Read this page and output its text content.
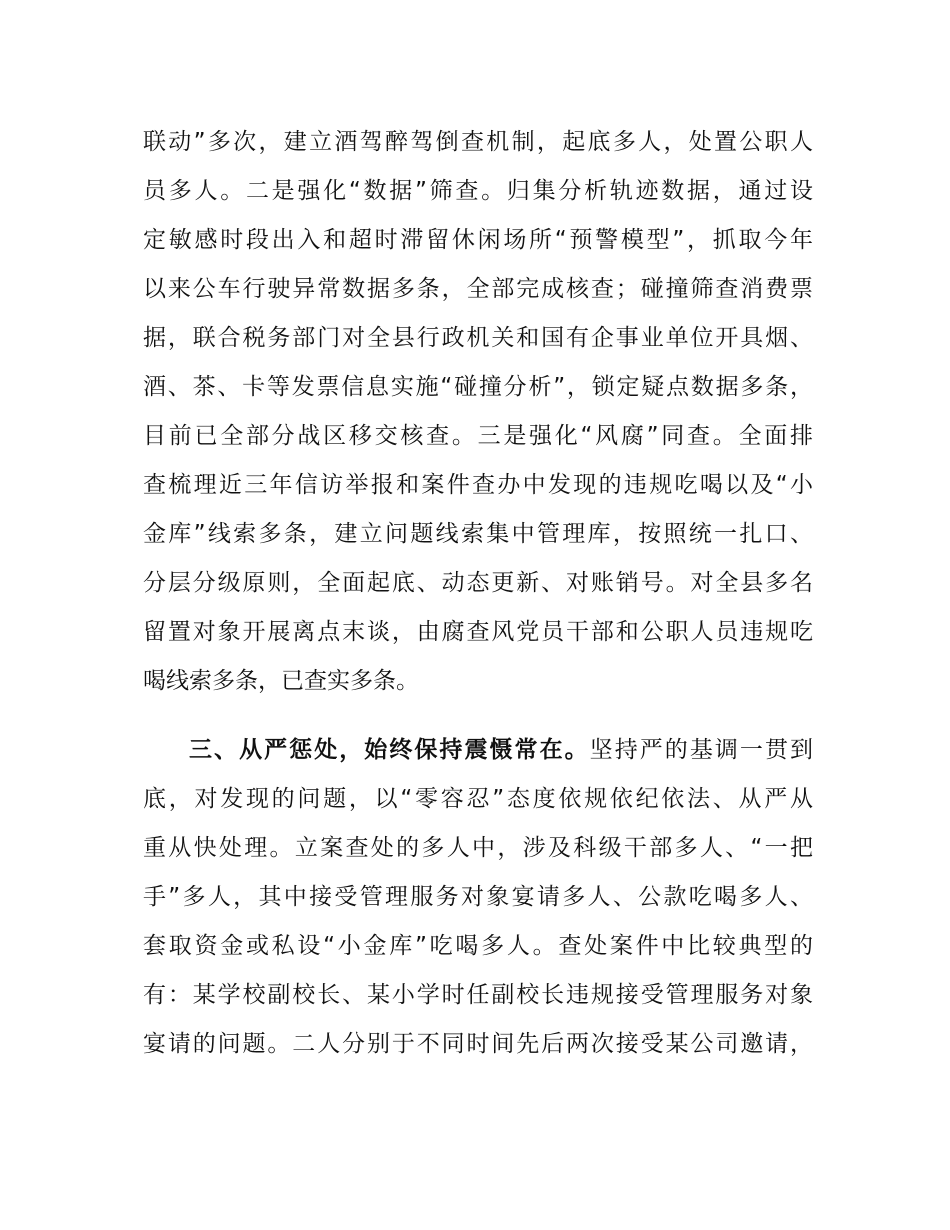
联动”多次，建立酒驾醉驾倒查机制，起底多人，处置公职人
员多人。二是强化“数据”筛查。归集分析轨迹数据，通过设
定敏感时段出入和超时滞留休闲场所“预警模型”，抓取今年
以来公车行驶异常数据多条，全部完成核查；碰撞筛查消费票
据，联合税务部门对全县行政机关和国有企事业单位开具烟、
酒、茶、卡等发票信息实施“碰撞分析”，锁定疑点数据多条，
目前已全部分战区移交核查。三是强化“风腐”同查。全面排
查梳理近三年信访举报和案件查办中发现的违规吃喝以及“小
金库”线索多条，建立问题线索集中管理库，按照统一扎口、
分层分级原则，全面起底、动态更新、对账销号。对全县多名
留置对象开展离点末谈，由腐查风党员干部和公职人员违规吃
喝线索多条，已查实多条。
三、从严惩处，始终保持震慑常在。坚持严的基调一贯到
底，对发现的问题，以“零容忍”态度依规依纪依法、从严从
重从快处理。立案查处的多人中，涉及科级干部多人、“一把
手”多人，其中接受管理服务对象宴请多人、公款吃喝多人、
套取资金或私设“小金库”吃喝多人。查处案件中比较典型的
有：某学校副校长、某小学时任副校长违规接受管理服务对象
宴请的问题。二人分别于不同时间先后两次接受某公司邀请，
